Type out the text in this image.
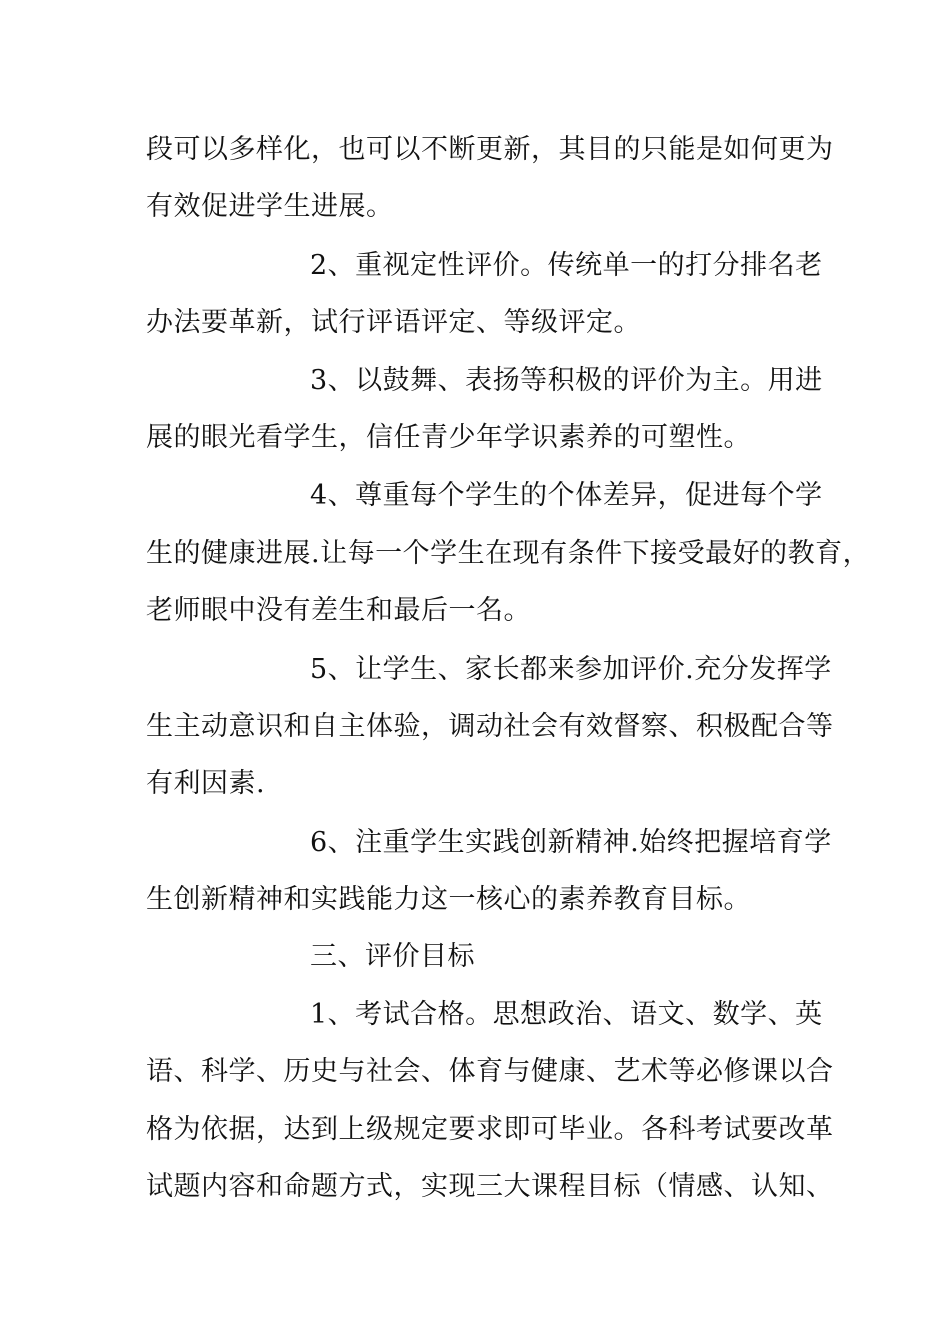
段可以多样化，也可以不断更新，其目的只能是如何更为
有效促进学生进展。
2、重视定性评价。传统单一的打分排名老
办法要革新，试行评语评定、等级评定。
3、以鼓舞、表扬等积极的评价为主。用进
展的眼光看学生，信任青少年学识素养的可塑性。
4、尊重每个学生的个体差异，促进每个学
生的健康进展.让每一个学生在现有条件下接受最好的教育，
老师眼中没有差生和最后一名。
5、让学生、家长都来参加评价.充分发挥学
生主动意识和自主体验，调动社会有效督察、积极配合等
有利因素.
6、注重学生实践创新精神.始终把握培育学
生创新精神和实践能力这一核心的素养教育目标。
三、评价目标
1、考试合格。思想政治、语文、数学、英
语、科学、历史与社会、体育与健康、艺术等必修课以合
格为依据，达到上级规定要求即可毕业。各科考试要改革
试题内容和命题方式，实现三大课程目标（情感、认知、
